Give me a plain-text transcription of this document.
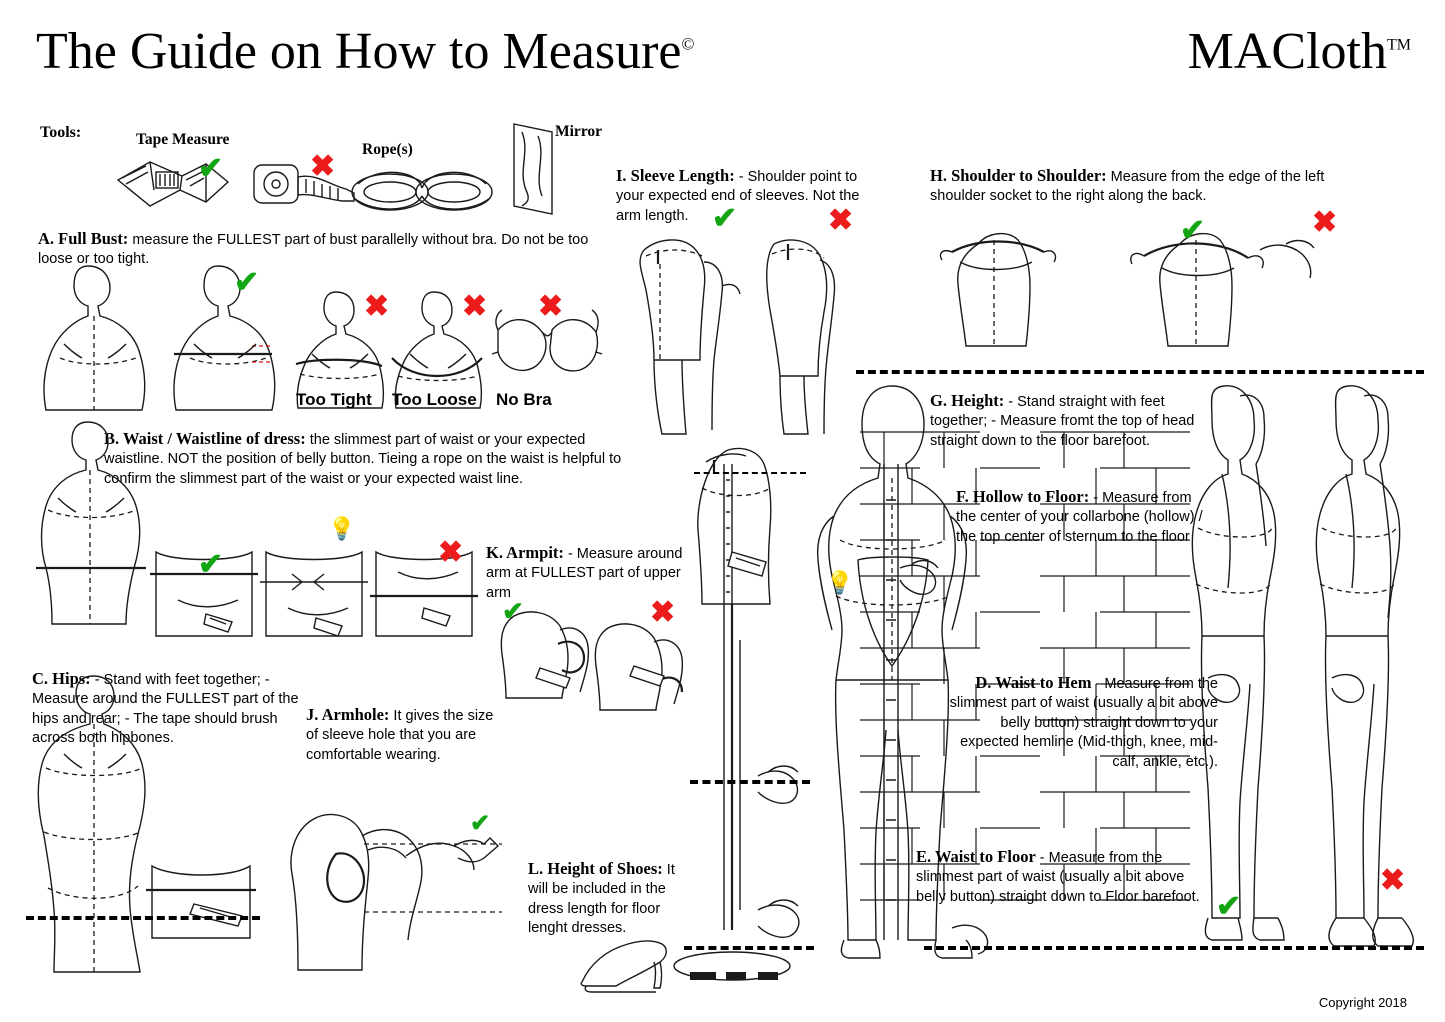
The Guide on How to Measure©	MACloth™
Copyright 2018
Tools:	Tape Measure
Rope(s)
Mirror
✔	✖
A. Full Bust: measure the FULLEST part of bust parallelly without bra. Do not be too loose or too tight.
✔
✖
Too Tight
✖
Too Loose
✖
No Bra
B. Waist / Waistline of dress: the slimmest part of waist or your expected waistline. NOT the position of belly button. Tieing a rope on the waist is helpful to confirm the slimmest part of the waist or your expected waist line.
✔
💡
✖
C. Hips: - Stand with feet together; - Measure around the FULLEST part of the hips and rear; - The tape should brush across both hipbones.
J. Armhole: It gives the size of sleeve hole that you are comfortable wearing.
✔
K. Armpit: - Measure around arm at FULLEST part of upper arm
✔	✖
I. Sleeve Length: - Shoulder point to your expected end of sleeves. Not the arm length. ✔	✖
H. Shoulder to Shoulder: Measure from the edge of the left shoulder socket to the right along the back.
✔	✖
💡
✖
G. Height: - Stand straight with feet together; - Measure fromt the top of head straight down to the floor barefoot.
F. Hollow to Floor: - Measure from the center of your collarbone (hollow) / the top center of sternum to the floor
D. Waist to Hem - Measure from the slimmest part of waist (usually a bit above belly button) straight down to your expected hemline (Mid-thigh, knee, mid-calf, ankle, etc.).
E. Waist to Floor - Measure from the slimmest part of waist (usually a bit above belly button) straight down to Floor barefoot. ✔
L. Height of Shoes: It will be included in the dress length for floor lenght dresses.
